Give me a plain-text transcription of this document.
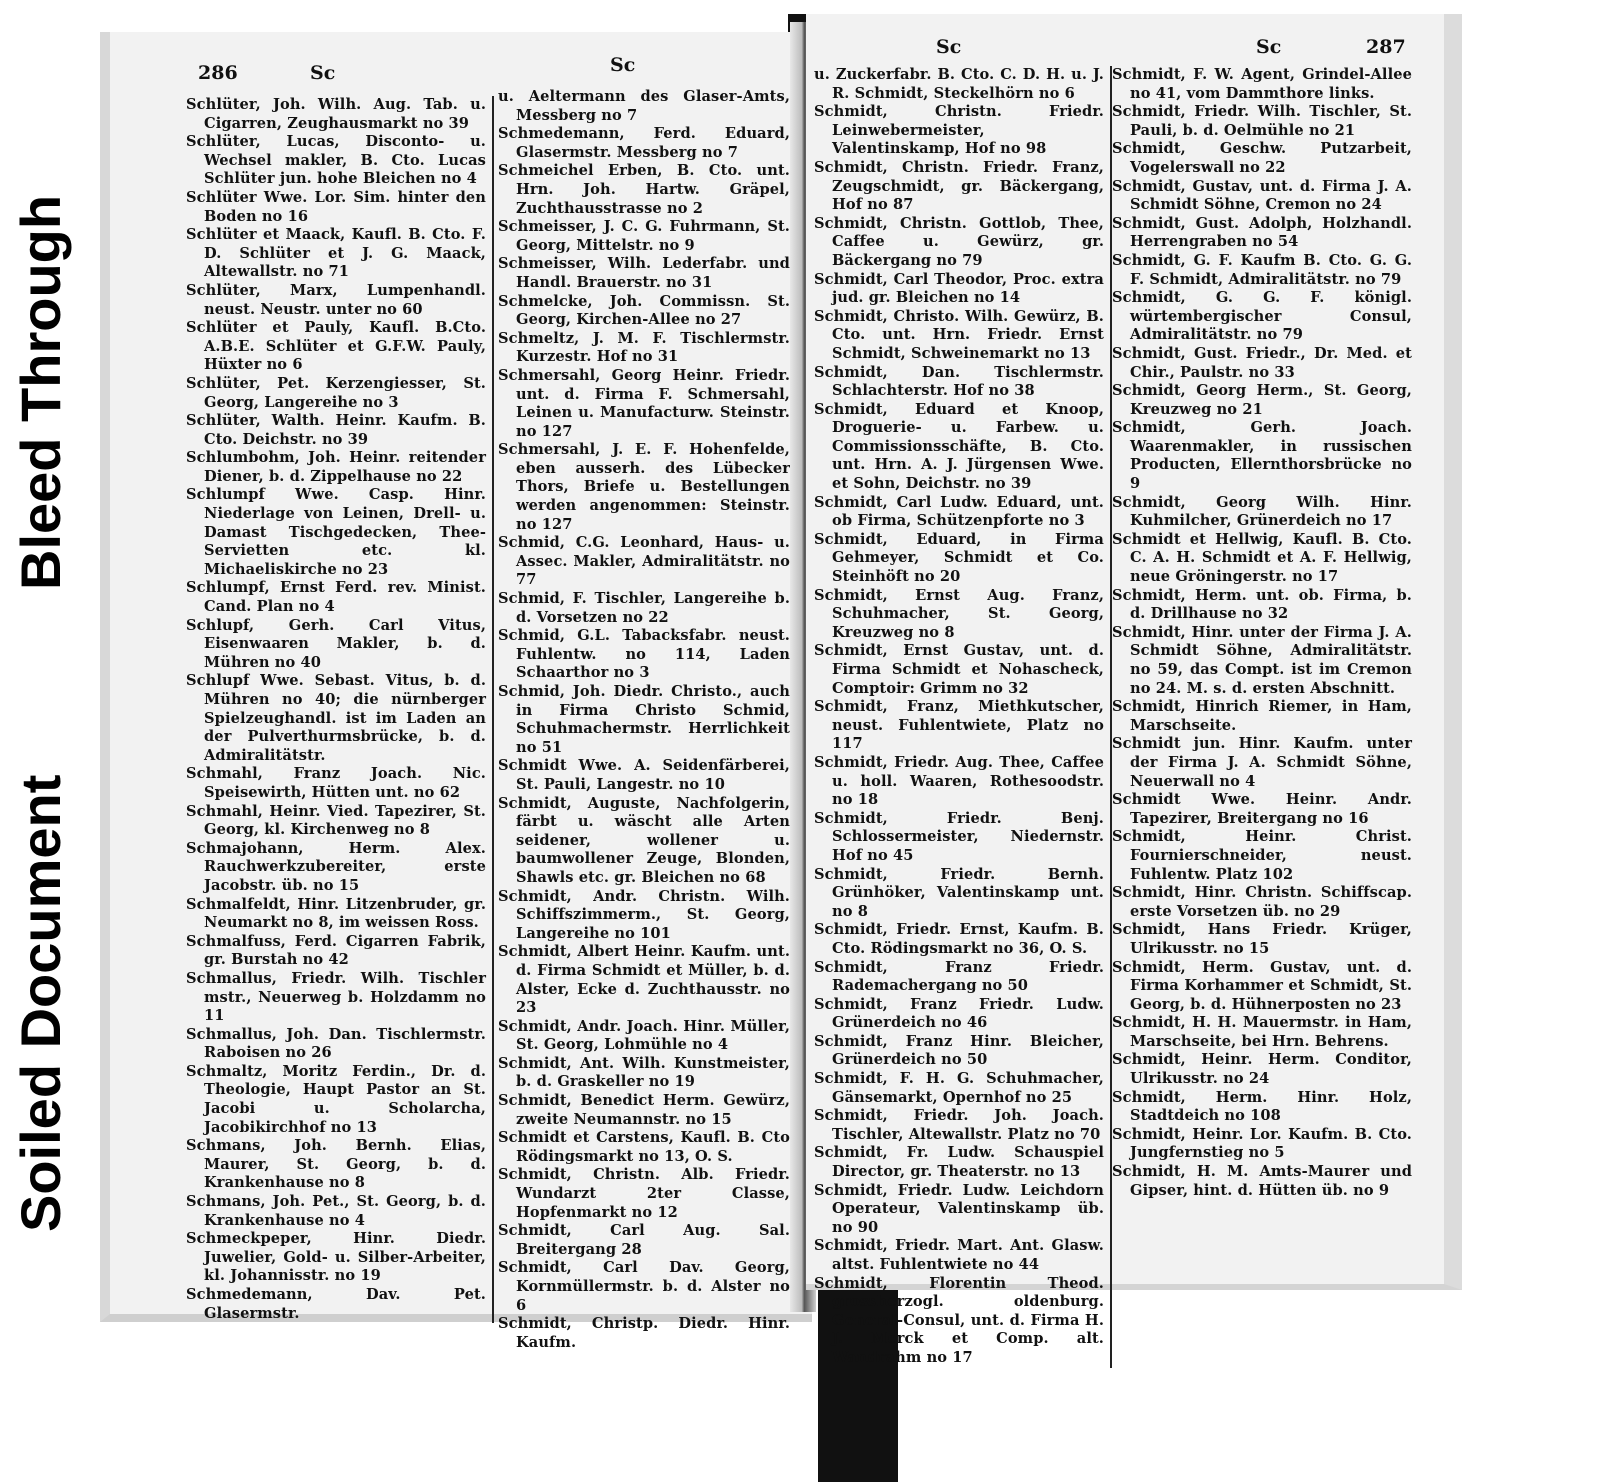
Soiled Document
Bleed Through
286	Sc	Sc

Schlüter, Joh. Wilh. Aug. Tab. u. Cigarren, Zeughausmarkt no 39

Schlüter, Lucas, Disconto- u. Wechsel makler, B. Cto. Lucas Schlüter jun. hohe Bleichen no 4

Schlüter Wwe. Lor. Sim. hinter den Boden no 16

Schlüter et Maack, Kaufl. B. Cto. F. D. Schlüter et J. G. Maack, Altewallstr. no 71

Schlüter, Marx, Lumpenhandl. neust. Neustr. unter no 60

Schlüter et Pauly, Kaufl. B.Cto. A.B.E. Schlüter et G.F.W. Pauly, Hüxter no 6

Schlüter, Pet. Kerzengiesser, St. Georg, Langereihe no 3

Schlüter, Walth. Heinr. Kaufm. B. Cto. Deichstr. no 39

Schlumbohm, Joh. Heinr. reitender Diener, b. d. Zippelhause no 22

Schlumpf Wwe. Casp. Hinr. Niederlage von Leinen, Drell- u. Damast Tischgedecken, Thee-Servietten etc. kl. Michaeliskirche no 23

Schlumpf, Ernst Ferd. rev. Minist. Cand. Plan no 4

Schlupf, Gerh. Carl Vitus, Eisenwaaren Makler, b. d. Mühren no 40

Schlupf Wwe. Sebast. Vitus, b. d. Mühren no 40; die nürnberger Spielzeughandl. ist im Laden an der Pulverthurmsbrücke, b. d. Admiralitätstr.

Schmahl, Franz Joach. Nic. Speisewirth, Hütten unt. no 62

Schmahl, Heinr. Vied. Tapezirer, St. Georg, kl. Kirchenweg no 8

Schmajohann, Herm. Alex. Rauchwerkzubereiter, erste Jacobstr. üb. no 15

Schmalfeldt, Hinr. Litzenbruder, gr. Neumarkt no 8, im weissen Ross.

Schmalfuss, Ferd. Cigarren Fabrik, gr. Burstah no 42

Schmallus, Friedr. Wilh. Tischler mstr., Neuerweg b. Holzdamm no 11

Schmallus, Joh. Dan. Tischlermstr. Raboisen no 26

Schmaltz, Moritz Ferdin., Dr. d. Theologie, Haupt Pastor an St. Jacobi u. Scholarcha, Jacobikirchhof no 13

Schmans, Joh. Bernh. Elias, Maurer, St. Georg, b. d. Krankenhause no 8

Schmans, Joh. Pet., St. Georg, b. d. Krankenhause no 4

Schmeckpeper, Hinr. Diedr. Juwelier, Gold- u. Silber-Arbeiter, kl. Johannisstr. no 19

Schmedemann, Dav. Pet. Glasermstr.

u. Aeltermann des Glaser-Amts, Messberg no 7

Schmedemann, Ferd. Eduard, Glasermstr. Messberg no 7

Schmeichel Erben, B. Cto. unt. Hrn. Joh. Hartw. Gräpel, Zuchthausstrasse no 2

Schmeisser, J. C. G. Fuhrmann, St. Georg, Mittelstr. no 9

Schmeisser, Wilh. Lederfabr. und Handl. Brauerstr. no 31

Schmelcke, Joh. Commissn. St. Georg, Kirchen-Allee no 27

Schmeltz, J. M. F. Tischlermstr. Kurzestr. Hof no 31

Schmersahl, Georg Heinr. Friedr. unt. d. Firma F. Schmersahl, Leinen u. Manufacturw. Steinstr. no 127

Schmersahl, J. E. F. Hohenfelde, eben ausserh. des Lübecker Thors, Briefe u. Bestellungen werden angenommen: Steinstr. no 127

Schmid, C.G. Leonhard, Haus- u. Assec. Makler, Admiralitätstr. no 77

Schmid, F. Tischler, Langereihe b. d. Vorsetzen no 22

Schmid, G.L. Tabacksfabr. neust. Fuhlentw. no 114, Laden Schaarthor no 3

Schmid, Joh. Diedr. Christo., auch in Firma Christo Schmid, Schuhmachermstr. Herrlichkeit no 51

Schmidt Wwe. A. Seidenfärberei, St. Pauli, Langestr. no 10

Schmidt, Auguste, Nachfolgerin, färbt u. wäscht alle Arten seidener, wollener u. baumwollener Zeuge, Blonden, Shawls etc. gr. Bleichen no 68

Schmidt, Andr. Christn. Wilh. Schiffszimmerm., St. Georg, Langereihe no 101

Schmidt, Albert Heinr. Kaufm. unt. d. Firma Schmidt et Müller, b. d. Alster, Ecke d. Zuchthausstr. no 23

Schmidt, Andr. Joach. Hinr. Müller, St. Georg, Lohmühle no 4

Schmidt, Ant. Wilh. Kunstmeister, b. d. Graskeller no 19

Schmidt, Benedict Herm. Gewürz, zweite Neumannstr. no 15

Schmidt et Carstens, Kaufl. B. Cto Rödingsmarkt no 13, O. S.

Schmidt, Christn. Alb. Friedr. Wundarzt 2ter Classe, Hopfenmarkt no 12

Schmidt, Carl Aug. Sal. Breitergang 28

Schmidt, Carl Dav. Georg, Kornmüllermstr. b. d. Alster no 6

Schmidt, Christp. Diedr. Hinr. Kaufm.

Sc	Sc	287

u. Zuckerfabr. B. Cto. C. D. H. u. J. R. Schmidt, Steckelhörn no 6

Schmidt, Christn. Friedr. Leinwebermeister, Valentinskamp, Hof no 98

Schmidt, Christn. Friedr. Franz, Zeugschmidt, gr. Bäckergang, Hof no 87

Schmidt, Christn. Gottlob, Thee, Caffee u. Gewürz, gr. Bäckergang no 79

Schmidt, Carl Theodor, Proc. extra jud. gr. Bleichen no 14

Schmidt, Christo. Wilh. Gewürz, B. Cto. unt. Hrn. Friedr. Ernst Schmidt, Schweinemarkt no 13

Schmidt, Dan. Tischlermstr. Schlachterstr. Hof no 38

Schmidt, Eduard et Knoop, Droguerie- u. Farbew. u. Commissionsschäfte, B. Cto. unt. Hrn. A. J. Jürgensen Wwe. et Sohn, Deichstr. no 39

Schmidt, Carl Ludw. Eduard, unt. ob Firma, Schützenpforte no 3

Schmidt, Eduard, in Firma Gehmeyer, Schmidt et Co. Steinhöft no 20

Schmidt, Ernst Aug. Franz, Schuhmacher, St. Georg, Kreuzweg no 8

Schmidt, Ernst Gustav, unt. d. Firma Schmidt et Nohascheck, Comptoir: Grimm no 32

Schmidt, Franz, Miethkutscher, neust. Fuhlentwiete, Platz no 117

Schmidt, Friedr. Aug. Thee, Caffee u. holl. Waaren, Rothesoodstr. no 18

Schmidt, Friedr. Benj. Schlossermeister, Niedernstr. Hof no 45

Schmidt, Friedr. Bernh. Grünhöker, Valentinskamp unt. no 8

Schmidt, Friedr. Ernst, Kaufm. B. Cto. Rödingsmarkt no 36, O. S.

Schmidt, Franz Friedr. Rademachergang no 50

Schmidt, Franz Friedr. Ludw. Grünerdeich no 46

Schmidt, Franz Hinr. Bleicher, Grünerdeich no 50

Schmidt, F. H. G. Schuhmacher, Gänsemarkt, Opernhof no 25

Schmidt, Friedr. Joh. Joach. Tischler, Altewallstr. Platz no 70

Schmidt, Fr. Ludw. Schauspiel Director, gr. Theaterstr. no 13

Schmidt, Friedr. Ludw. Leichdorn Operateur, Valentinskamp üb. no 90

Schmidt, Friedr. Mart. Ant. Glasw. altst. Fuhlentwiete no 44

Schmidt, Florentin Theod. grossherzogl. oldenburg. General-Consul, unt. d. Firma H. J. Merck et Comp. alt. Wandrahm no 17

Schmidt, F. W. Agent, Grindel-Allee no 41, vom Dammthore links.

Schmidt, Friedr. Wilh. Tischler, St. Pauli, b. d. Oelmühle no 21

Schmidt, Geschw. Putzarbeit, Vogelerswall no 22

Schmidt, Gustav, unt. d. Firma J. A. Schmidt Söhne, Cremon no 24

Schmidt, Gust. Adolph, Holzhandl. Herrengraben no 54

Schmidt, G. F. Kaufm B. Cto. G. G. F. Schmidt, Admiralitätstr. no 79

Schmidt, G. G. F. königl. würtembergischer Consul, Admiralitätstr. no 79

Schmidt, Gust. Friedr., Dr. Med. et Chir., Paulstr. no 33

Schmidt, Georg Herm., St. Georg, Kreuzweg no 21

Schmidt, Gerh. Joach. Waarenmakler, in russischen Producten, Ellernthorsbrücke no 9

Schmidt, Georg Wilh. Hinr. Kuhmilcher, Grünerdeich no 17

Schmidt et Hellwig, Kaufl. B. Cto. C. A. H. Schmidt et A. F. Hellwig, neue Gröningerstr. no 17

Schmidt, Herm. unt. ob. Firma, b. d. Drillhause no 32

Schmidt, Hinr. unter der Firma J. A. Schmidt Söhne, Admiralitätstr. no 59, das Compt. ist im Cremon no 24. M. s. d. ersten Abschnitt.

Schmidt, Hinrich Riemer, in Ham, Marschseite.

Schmidt jun. Hinr. Kaufm. unter der Firma J. A. Schmidt Söhne, Neuerwall no 4

Schmidt Wwe. Heinr. Andr. Tapezirer, Breitergang no 16

Schmidt, Heinr. Christ. Fournierschneider, neust. Fuhlentw. Platz 102

Schmidt, Hinr. Christn. Schiffscap. erste Vorsetzen üb. no 29

Schmidt, Hans Friedr. Krüger, Ulrikusstr. no 15

Schmidt, Herm. Gustav, unt. d. Firma Korhammer et Schmidt, St. Georg, b. d. Hühnerposten no 23

Schmidt, H. H. Mauermstr. in Ham, Marschseite, bei Hrn. Behrens.

Schmidt, Heinr. Herm. Conditor, Ulrikusstr. no 24

Schmidt, Herm. Hinr. Holz, Stadtdeich no 108

Schmidt, Heinr. Lor. Kaufm. B. Cto. Jungfernstieg no 5

Schmidt, H. M. Amts-Maurer und Gipser, hint. d. Hütten üb. no 9
